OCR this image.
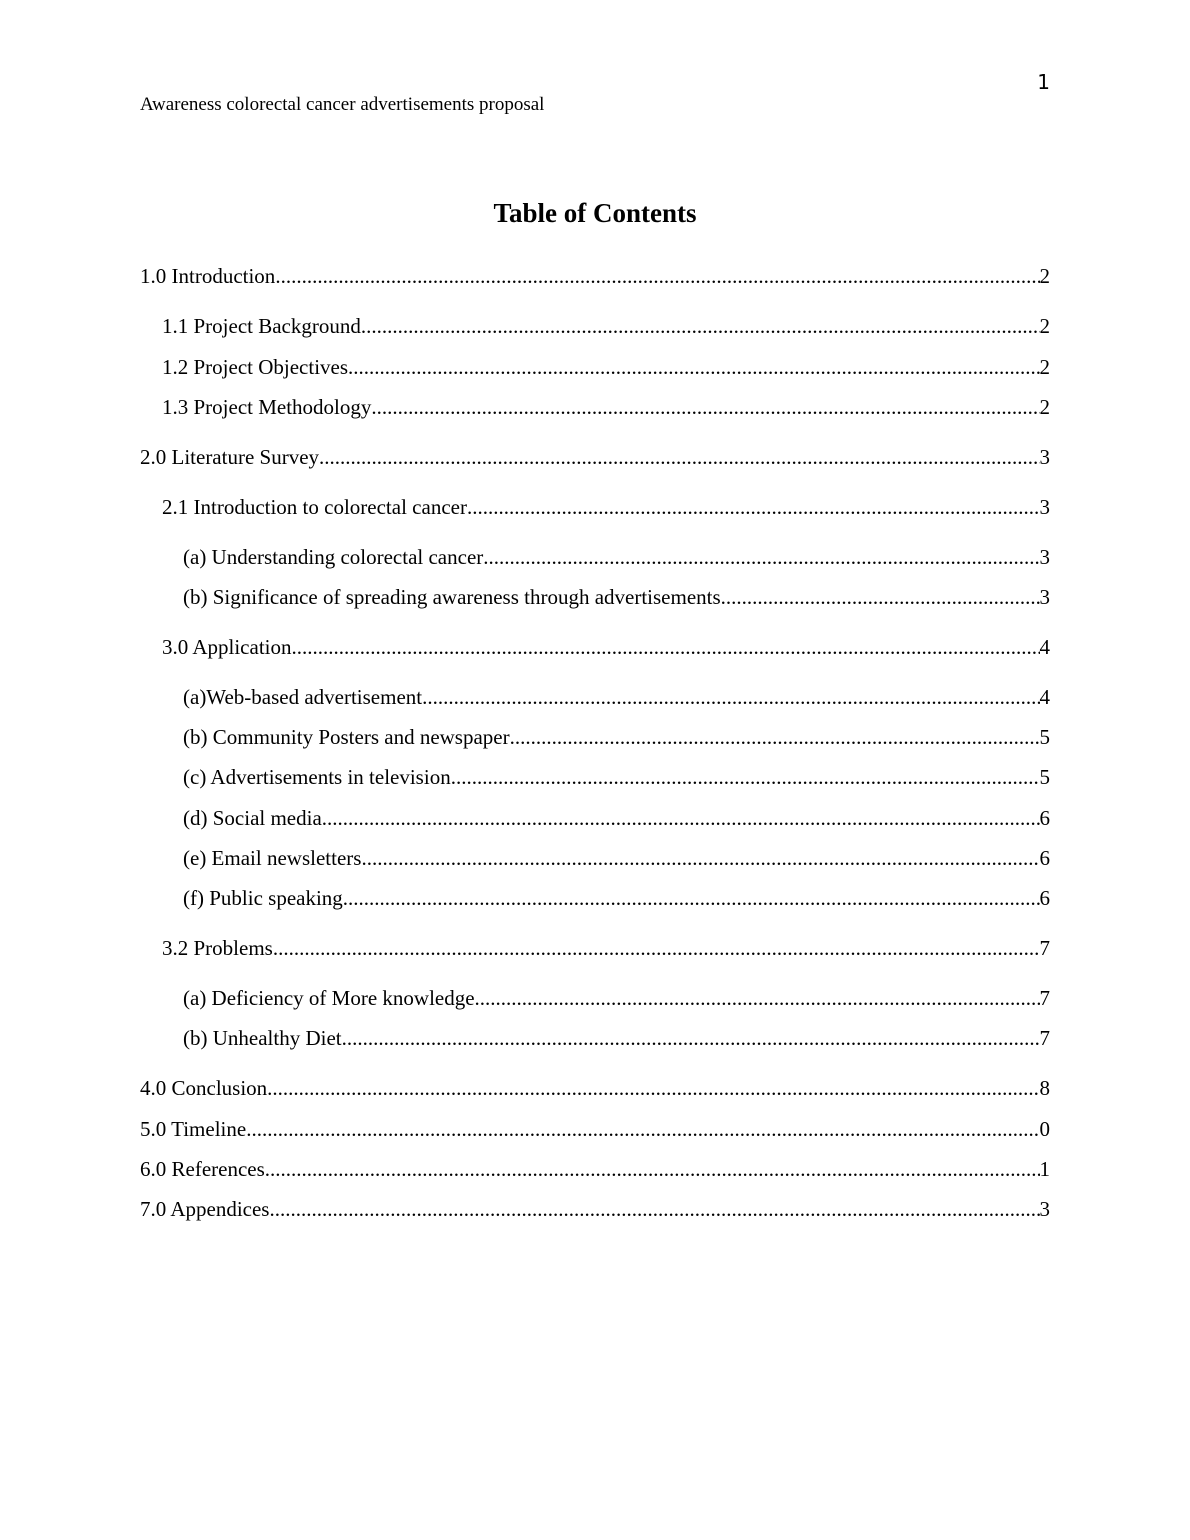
1
Awareness colorectal cancer advertisements proposal
Table of Contents
1.0 Introduction .....	2
1.1 Project Background .....	2
1.2 Project Objectives .....	2
1.3 Project Methodology .....	2
2.0 Literature Survey .....	3
2.1 Introduction to colorectal cancer .....	3
(a) Understanding colorectal cancer .....	3
(b) Significance of spreading awareness through advertisements .....	3
3.0 Application .....	4
(a)Web-based advertisement .....	4
(b) Community Posters and newspaper .....	5
(c) Advertisements in television .....	5
(d) Social media .....	6
(e) Email newsletters .....	6
(f) Public speaking .....	6
3.2 Problems .....	7
(a) Deficiency of More knowledge .....	7
(b) Unhealthy Diet .....	7
4.0 Conclusion .....	8
5.0 Timeline .....	0
6.0 References .....	1
7.0 Appendices .....	3
